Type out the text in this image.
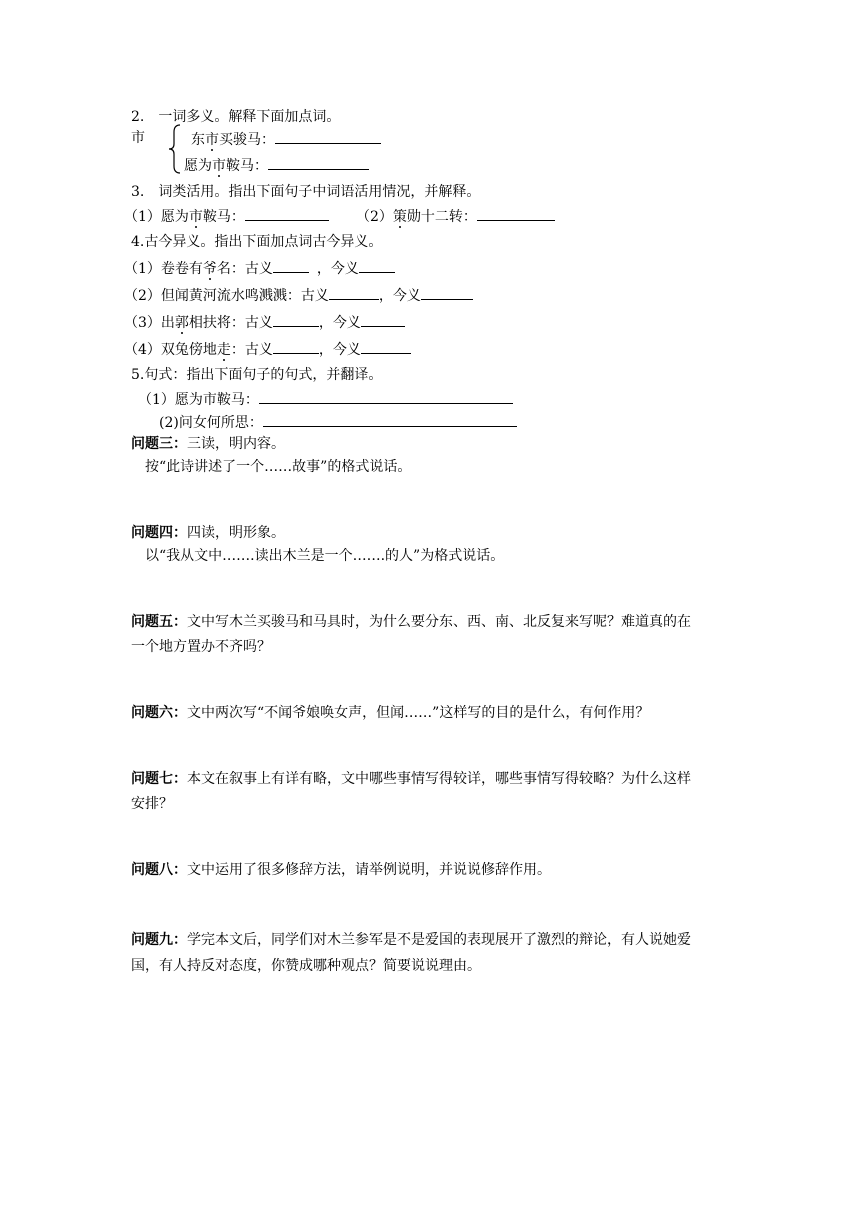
2.　一词多义。解释下面加点词。
市	东市买骏马：
愿为市鞍马：
3.　词类活用。指出下面句子中词语活用情况，并解释。
（1）愿为市鞍马：	（2）策勋十二转：
4.古今异义。指出下面加点词古今异义。
（1）卷卷有爷名：古义	，今义
（2）但闻黄河流水鸣溅溅：古义	，今义
（3）出郭相扶将：古义	，今义
（4）双兔傍地走：古义	，今义
5.句式：指出下面句子的句式，并翻译。
（1）愿为市鞍马：
(2)问女何所思：
问题三：三读，明内容。
按“此诗讲述了一个……故事”的格式说话。
问题四：四读，明形象。
以“我从文中…….读出木兰是一个…….的人”为格式说话。
问题五：文中写木兰买骏马和马具时，为什么要分东、西、南、北反复来写呢？难道真的在
一个地方置办不齐吗？
问题六：文中两次写“不闻爷娘唤女声，但闻……”这样写的目的是什么，有何作用？
问题七：本文在叙事上有详有略，文中哪些事情写得较详，哪些事情写得较略？为什么这样
安排？
问题八：文中运用了很多修辞方法，请举例说明，并说说修辞作用。
问题九：学完本文后，同学们对木兰参军是不是爱国的表现展开了激烈的辩论，有人说她爱
国，有人持反对态度，你赞成哪种观点？简要说说理由。
